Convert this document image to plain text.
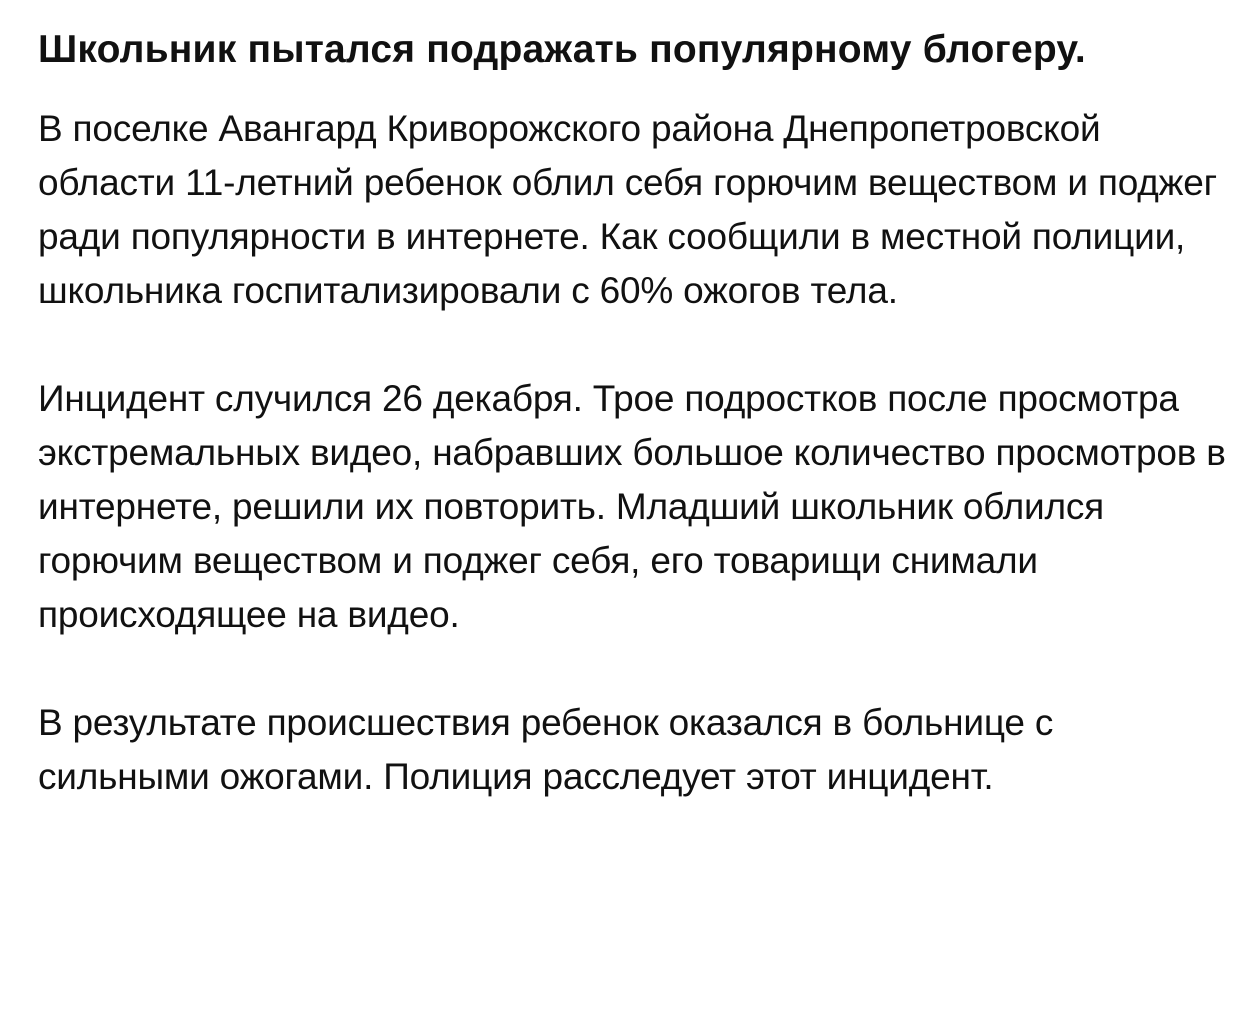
Школьник пытался подражать популярному блогеру.

В поселке Авангард Криворожского района Днепропетровской области 11-летний ребенок облил себя горючим веществом и поджег ради популярности в интернете. Как сообщили в местной полиции, школьника госпитализировали с 60% ожогов тела.

Инцидент случился 26 декабря. Трое подростков после просмотра экстремальных видео, набравших большое количество просмотров в интернете, решили их повторить. Младший школьник облился горючим веществом и поджег себя, его товарищи снимали происходящее на видео.

В результате происшествия ребенок оказался в больнице с сильными ожогами. Полиция расследует этот инцидент.
